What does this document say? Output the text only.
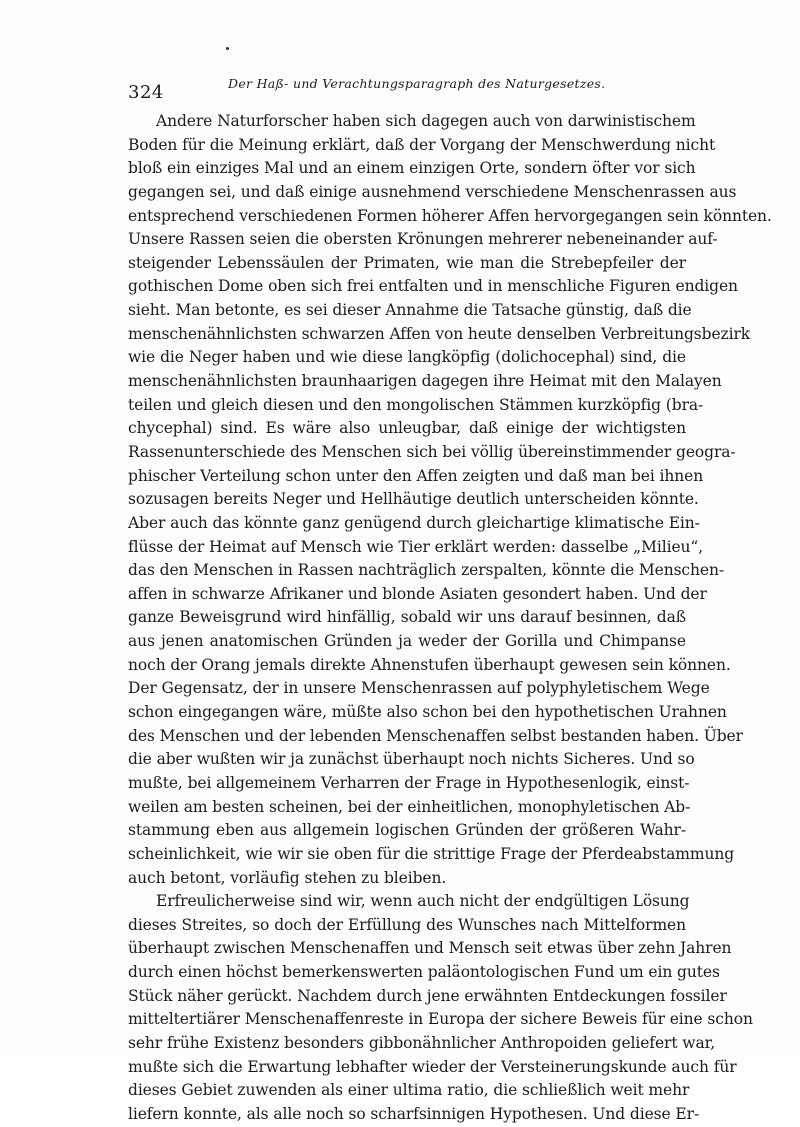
324	Der Haß- und Verachtungsparagraph des Naturgesetzes.
Andere Naturforscher haben sich dagegen auch von darwinistischem
Boden für die Meinung erklärt, daß der Vorgang der Menschwerdung nicht
bloß ein einziges Mal und an einem einzigen Orte, sondern öfter vor sich
gegangen sei, und daß einige ausnehmend verschiedene Menschenrassen aus
entsprechend verschiedenen Formen höherer Affen hervorgegangen sein könnten.
Unsere Rassen seien die obersten Krönungen mehrerer nebeneinander auf-
steigender Lebenssäulen der Primaten, wie man die Strebepfeiler der
gothischen Dome oben sich frei entfalten und in menschliche Figuren endigen
sieht. Man betonte, es sei dieser Annahme die Tatsache günstig, daß die
menschenähnlichsten schwarzen Affen von heute denselben Verbreitungsbezirk
wie die Neger haben und wie diese langköpfig (dolichocephal) sind, die
menschenähnlichsten braunhaarigen dagegen ihre Heimat mit den Malayen
teilen und gleich diesen und den mongolischen Stämmen kurzköpfig (bra-
chycephal) sind. Es wäre also unleugbar, daß einige der wichtigsten
Rassenunterschiede des Menschen sich bei völlig übereinstimmender geogra-
phischer Verteilung schon unter den Affen zeigten und daß man bei ihnen
sozusagen bereits Neger und Hellhäutige deutlich unterscheiden könnte.
Aber auch das könnte ganz genügend durch gleichartige klimatische Ein-
flüsse der Heimat auf Mensch wie Tier erklärt werden: dasselbe „Milieu“,
das den Menschen in Rassen nachträglich zerspalten, könnte die Menschen-
affen in schwarze Afrikaner und blonde Asiaten gesondert haben. Und der
ganze Beweisgrund wird hinfällig, sobald wir uns darauf besinnen, daß
aus jenen anatomischen Gründen ja weder der Gorilla und Chimpanse
noch der Orang jemals direkte Ahnenstufen überhaupt gewesen sein können.
Der Gegensatz, der in unsere Menschenrassen auf polyphyletischem Wege
schon eingegangen wäre, müßte also schon bei den hypothetischen Urahnen
des Menschen und der lebenden Menschenaffen selbst bestanden haben. Über
die aber wußten wir ja zunächst überhaupt noch nichts Sicheres. Und so
mußte, bei allgemeinem Verharren der Frage in Hypothesenlogik, einst-
weilen am besten scheinen, bei der einheitlichen, monophyletischen Ab-
stammung eben aus allgemein logischen Gründen der größeren Wahr-
scheinlichkeit, wie wir sie oben für die strittige Frage der Pferdeabstammung
auch betont, vorläufig stehen zu bleiben.
Erfreulicherweise sind wir, wenn auch nicht der endgültigen Lösung
dieses Streites, so doch der Erfüllung des Wunsches nach Mittelformen
überhaupt zwischen Menschenaffen und Mensch seit etwas über zehn Jahren
durch einen höchst bemerkenswerten paläontologischen Fund um ein gutes
Stück näher gerückt. Nachdem durch jene erwähnten Entdeckungen fossiler
mitteltertiärer Menschenaffenreste in Europa der sichere Beweis für eine schon
sehr frühe Existenz besonders gibbonähnlicher Anthropoiden geliefert war,
mußte sich die Erwartung lebhafter wieder der Versteinerungskunde auch für
dieses Gebiet zuwenden als einer ultima ratio, die schließlich weit mehr
liefern konnte, als alle noch so scharfsinnigen Hypothesen. Und diese Er-
